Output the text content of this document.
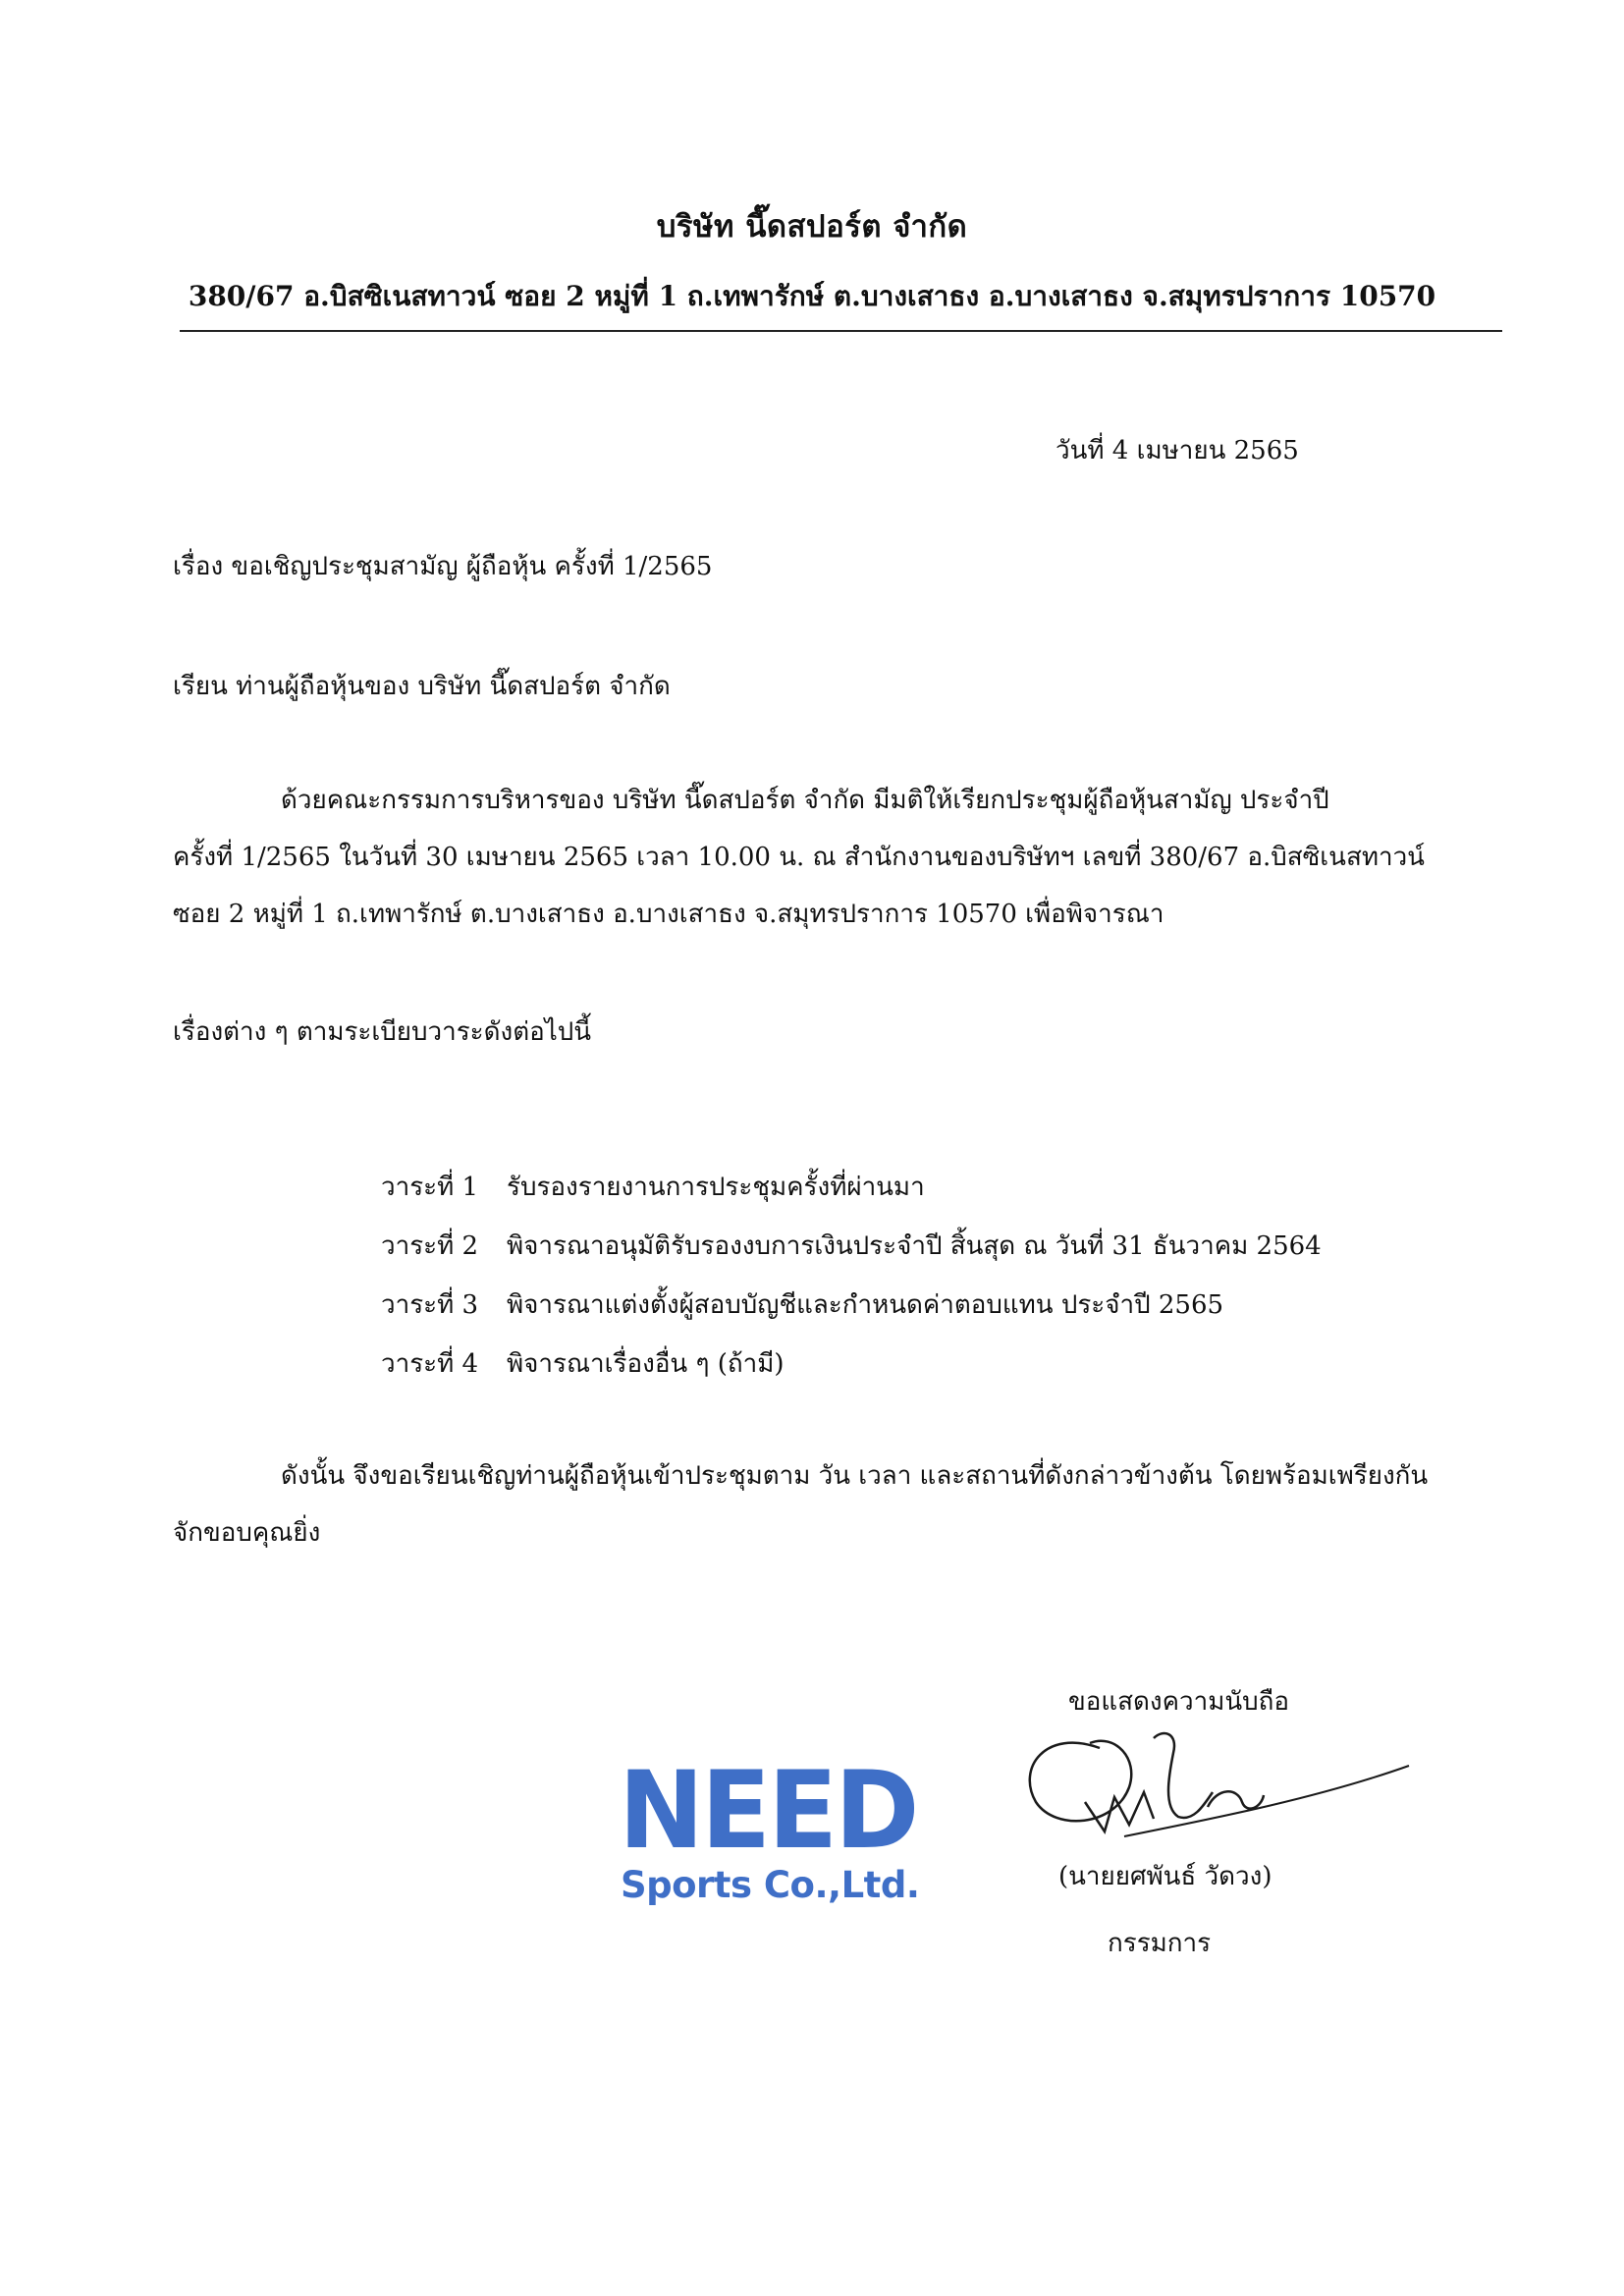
บริษัท นี๊ดสปอร์ต จำกัด
380/67 อ.บิสซิเนสทาวน์ ซอย 2 หมู่ที่ 1 ถ.เทพารักษ์ ต.บางเสาธง อ.บางเสาธง จ.สมุทรปราการ 10570
วันที่ 4 เมษายน 2565
เรื่อง ขอเชิญประชุมสามัญ ผู้ถือหุ้น ครั้งที่ 1/2565
เรียน ท่านผู้ถือหุ้นของ บริษัท นี๊ดสปอร์ต จำกัด
ด้วยคณะกรรมการบริหารของ บริษัท นี๊ดสปอร์ต จำกัด มีมติให้เรียกประชุมผู้ถือหุ้นสามัญ ประจำปี
ครั้งที่ 1/2565 ในวันที่ 30 เมษายน 2565 เวลา 10.00 น. ณ สำนักงานของบริษัทฯ เลขที่ 380/67 อ.บิสซิเนสทาวน์
ซอย 2 หมู่ที่ 1 ถ.เทพารักษ์ ต.บางเสาธง อ.บางเสาธง จ.สมุทรปราการ 10570 เพื่อพิจารณา
เรื่องต่าง ๆ ตามระเบียบวาระดังต่อไปนี้
วาระที่ 1	รับรองรายงานการประชุมครั้งที่ผ่านมา
วาระที่ 2	พิจารณาอนุมัติรับรองงบการเงินประจำปี สิ้นสุด ณ วันที่ 31 ธันวาคม 2564
วาระที่ 3	พิจารณาแต่งตั้งผู้สอบบัญชีและกำหนดค่าตอบแทน ประจำปี 2565
วาระที่ 4	พิจารณาเรื่องอื่น ๆ (ถ้ามี)
ดังนั้น จึงขอเรียนเชิญท่านผู้ถือหุ้นเข้าประชุมตาม วัน เวลา และสถานที่ดังกล่าวข้างต้น โดยพร้อมเพรียงกัน
จักขอบคุณยิ่ง
ขอแสดงความนับถือ
(นายยศพันธ์ วัดวง)
กรรมการ
NEED
Sports Co.,Ltd.
